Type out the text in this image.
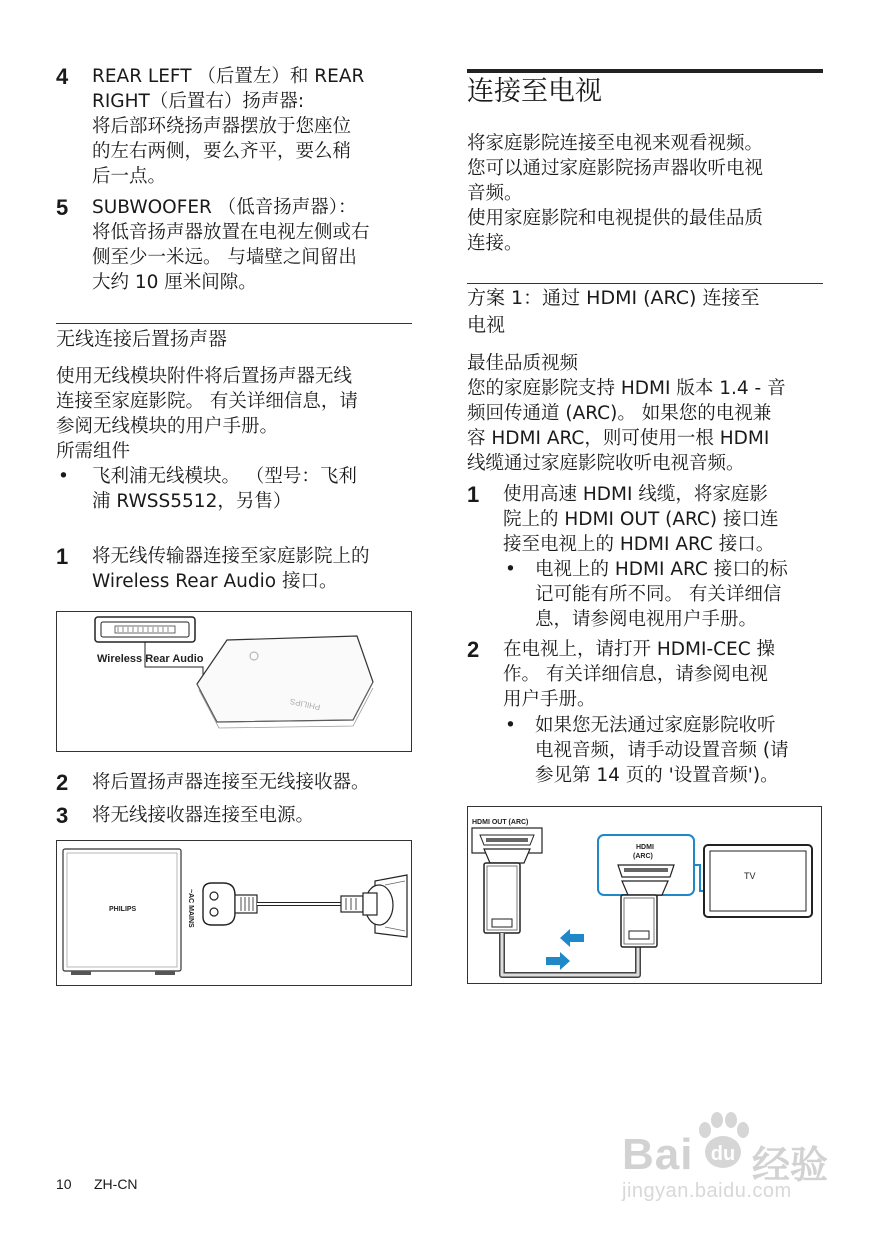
4	REAR LEFT （后置左）和 REAR
RIGHT（后置右）扬声器:
将后部环绕扬声器摆放于您座位
的左右两侧，要么齐平，要么稍
后一点。
5	SUBWOOFER （低音扬声器）：
将低音扬声器放置在电视左侧或右
侧至少一米远。 与墙壁之间留出
大约 10 厘米间隙。
无线连接后置扬声器
使用无线模块附件将后置扬声器无线
连接至家庭影院。 有关详细信息，请
参阅无线模块的用户手册。
所需组件
•	飞利浦无线模块。 （型号：飞利
浦 RWSS5512，另售）
1	将无线传输器连接至家庭影院上的
Wireless Rear Audio 接口。
Wireless Rear Audio
PHILIPS
2	将后置扬声器连接至无线接收器。
3	将无线接收器连接至电源。
PHILIPS	~AC MAINS
连接至电视
将家庭影院连接至电视来观看视频。
您可以通过家庭影院扬声器收听电视
音频。
使用家庭影院和电视提供的最佳品质
连接。
方案 1：通过 HDMI (ARC) 连接至
电视
最佳品质视频
您的家庭影院支持 HDMI 版本 1.4 - 音
频回传通道 (ARC)。 如果您的电视兼
容 HDMI ARC，则可使用一根 HDMI
线缆通过家庭影院收听电视音频。
1	使用高速 HDMI 线缆，将家庭影
院上的 HDMI OUT (ARC) 接口连
接至电视上的 HDMI ARC 接口。
•	电视上的 HDMI ARC 接口的标
记可能有所不同。 有关详细信
息，请参阅电视用户手册。
2	在电视上，请打开 HDMI-CEC 操
作。 有关详细信息，请参阅电视
用户手册。
•	如果您无法通过家庭影院收听
电视音频，请手动设置音频 (请
参见第 14 页的 '设置音频')。
HDMI OUT (ARC)
HDMI
(ARC)
TV
Bai du 经验
jingyan.baidu.com
10 ZH-CN
